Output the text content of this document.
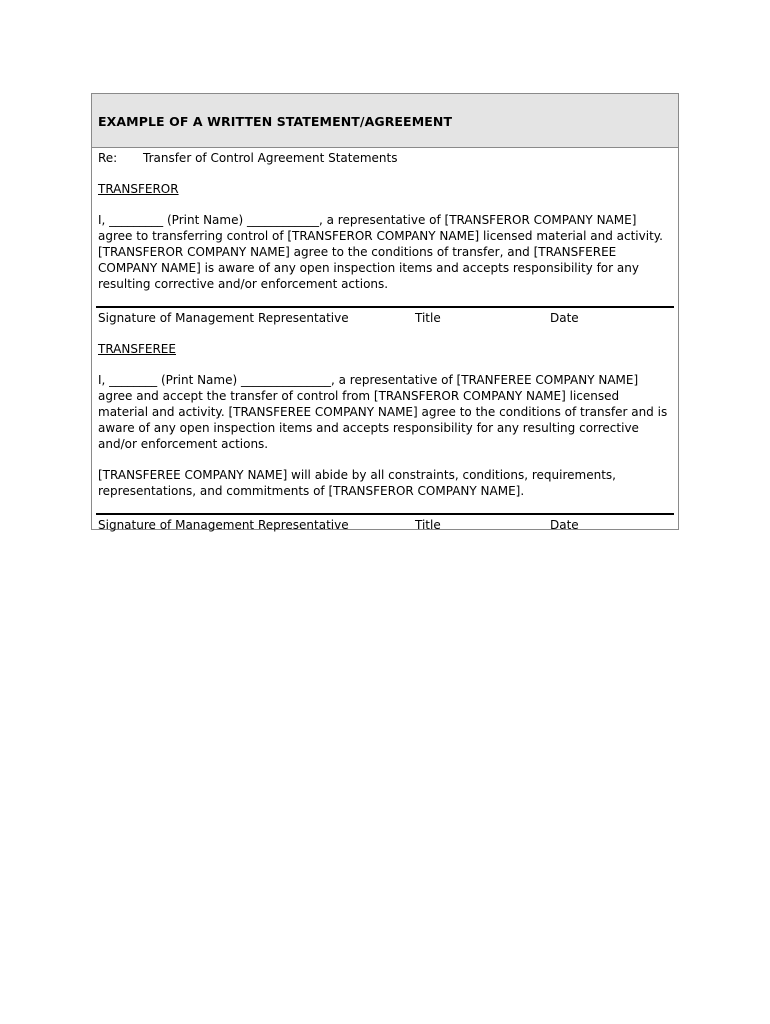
EXAMPLE OF A WRITTEN STATEMENT/AGREEMENT
Re:	Transfer of Control Agreement Statements
TRANSFEROR
I, _________ (Print Name) ____________, a representative of [TRANSFEROR COMPANY NAME] agree to transferring control of [TRANSFEROR COMPANY NAME] licensed material and activity. [TRANSFEROR COMPANY NAME] agree to the conditions of transfer, and [TRANSFEREE COMPANY NAME] is aware of any open inspection items and accepts responsibility for any resulting corrective and/or enforcement actions.
Signature of Management Representative	Title	Date
TRANSFEREE
I, ________ (Print Name) _______________, a representative of [TRANFEREE COMPANY NAME] agree and accept the transfer of control from [TRANSFEROR COMPANY NAME] licensed material and activity. [TRANSFEREE COMPANY NAME] agree to the conditions of transfer and is aware of any open inspection items and accepts responsibility for any resulting corrective and/or enforcement actions.
[TRANSFEREE COMPANY NAME] will abide by all constraints, conditions, requirements, representations, and commitments of [TRANSFEROR COMPANY NAME].
Signature of Management Representative	Title	Date
